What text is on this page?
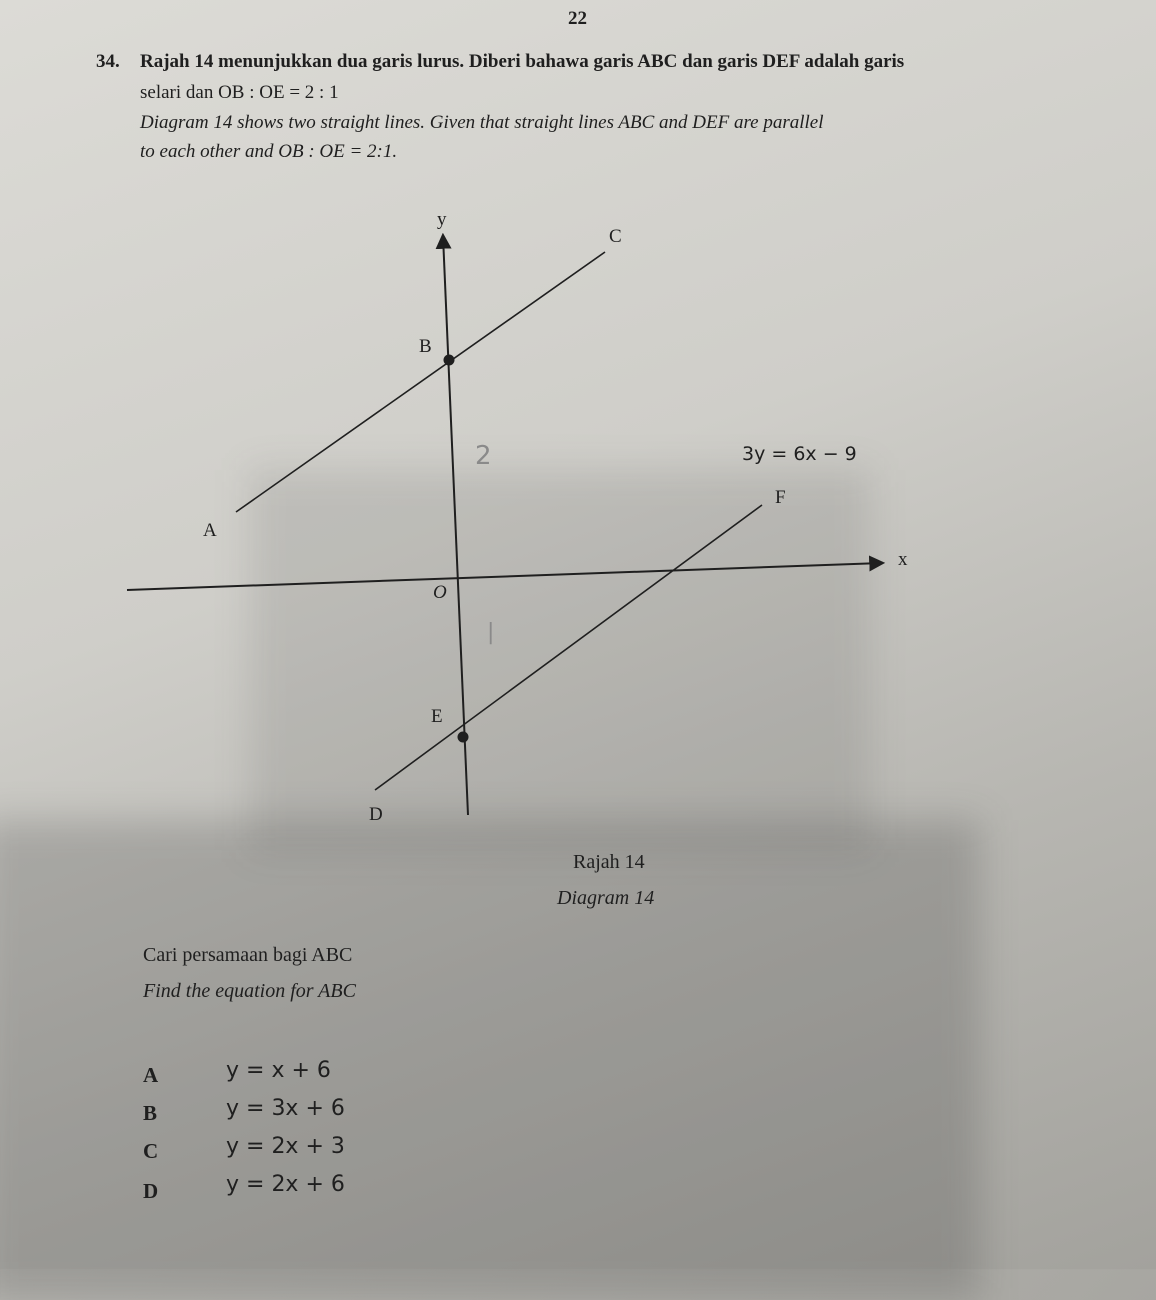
22
34. Rajah 14 menunjukkan dua garis lurus. Diberi bahawa garis ABC dan garis DEF adalah garis
selari dan OB : OE = 2 : 1
Diagram 14 shows two straight lines. Given that straight lines ABC and DEF are parallel
to each other and OB : OE = 2:1.
y
x
O
C
B
A
F
E
D
3y = 6x − 9
2
|
Rajah 14
Diagram 14
Cari persamaan bagi ABC
Find the equation for ABC
A	y = x + 6
B	y = 3x + 6
C	y = 2x + 3
D	y = 2x + 6
